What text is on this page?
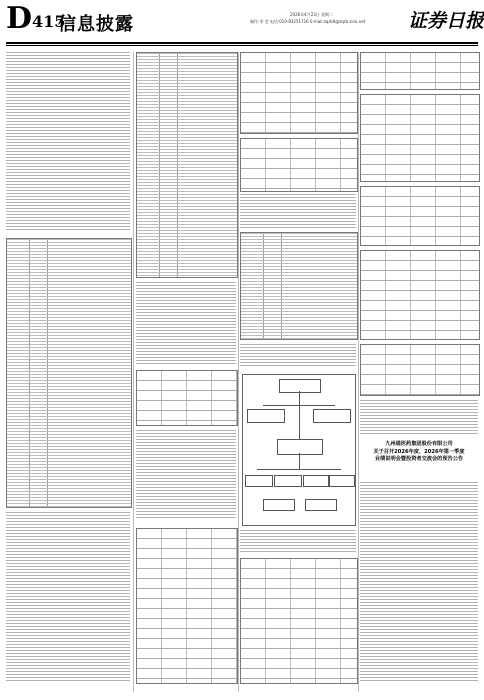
D 415
信息披露	2026年4月23日 星期二
制作:李 莹 电话:010-83251716 E-mail:zqrb9@zqrb.sina.net 证券日报
九州通医药集团股份有限公司
关于召开2026年度、2026年第一季度
业绩说明会暨投资者交流会的预告公告
